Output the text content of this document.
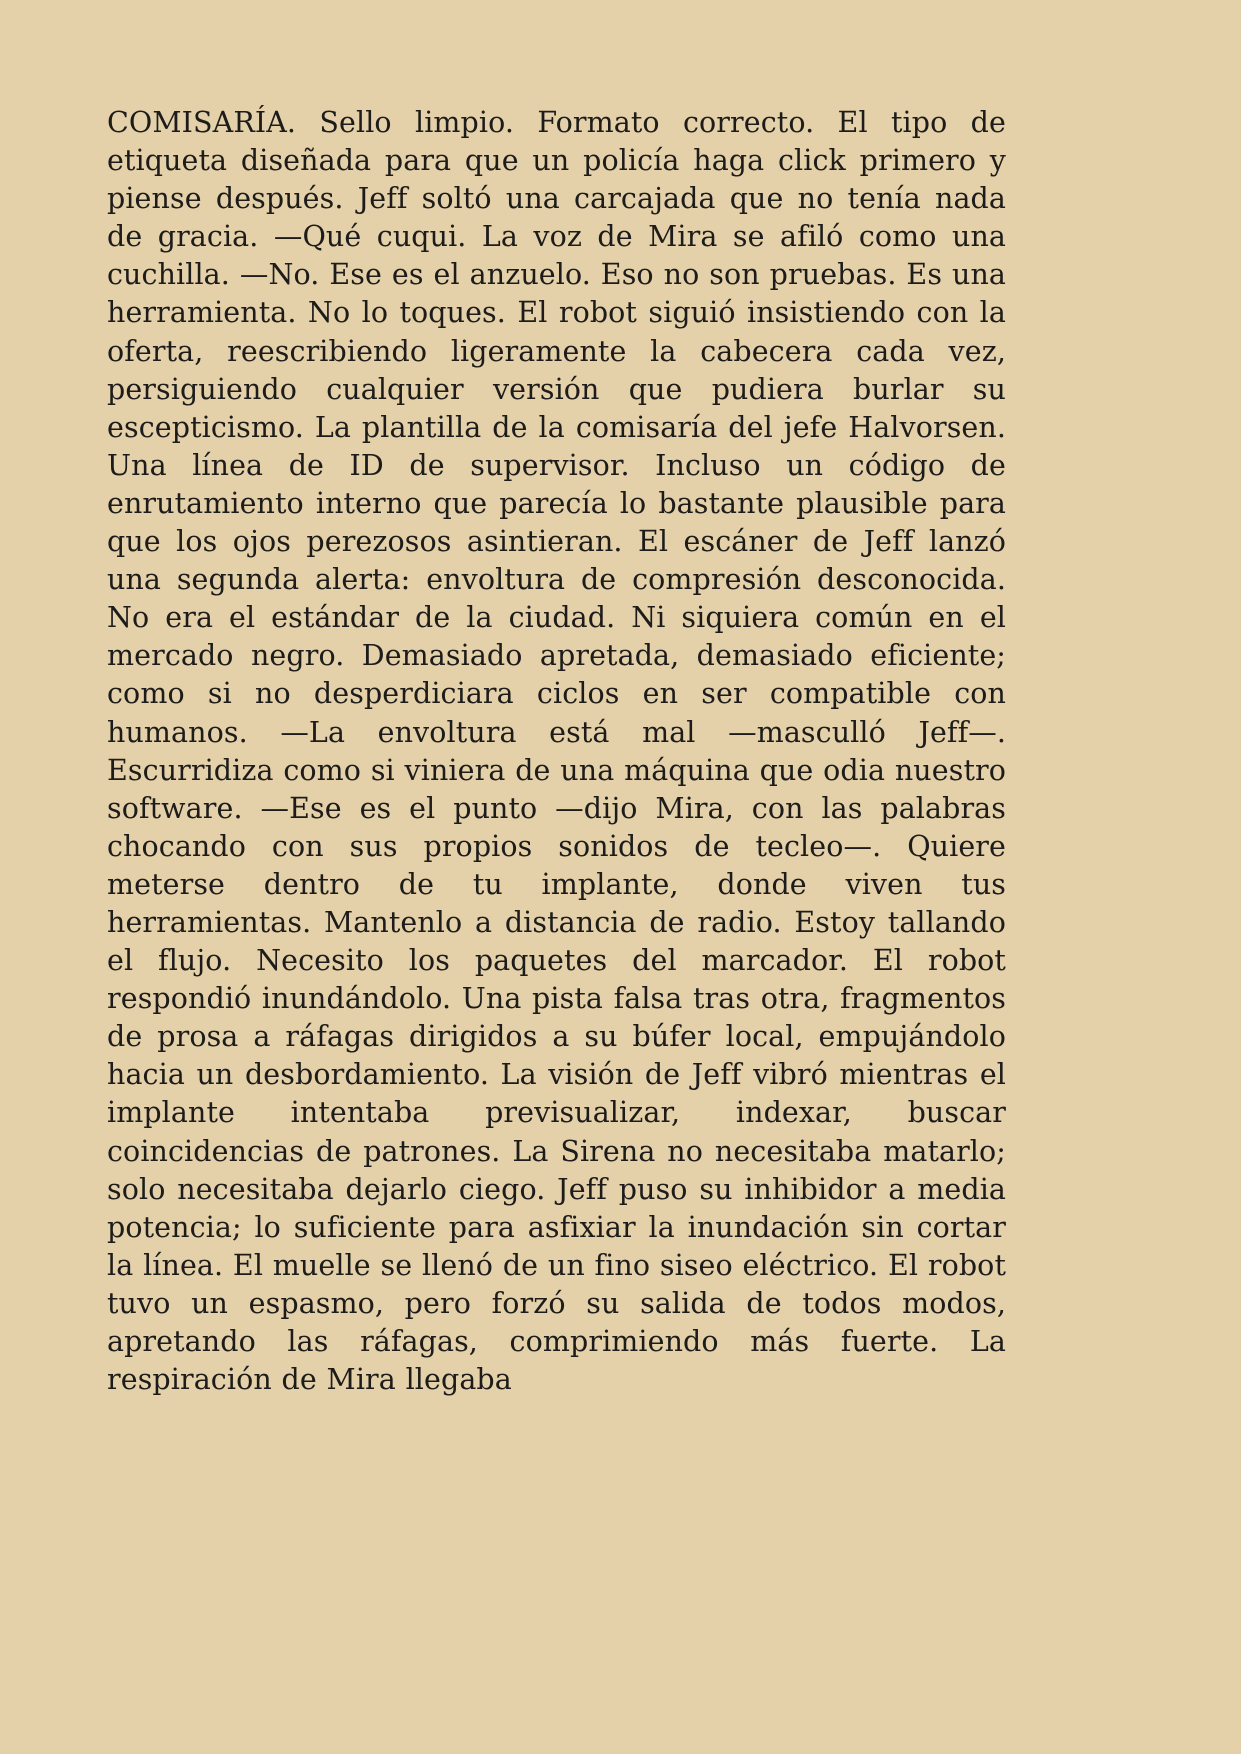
COMISARÍA. Sello limpio. Formato correcto. El tipo de etiqueta diseñada para que un policía haga click primero y piense después. Jeff soltó una carcajada que no tenía nada de gracia. —Qué cuqui. La voz de Mira se afiló como una cuchilla. —No. Ese es el anzuelo. Eso no son pruebas. Es una herramienta. No lo toques. El robot siguió insistiendo con la oferta, reescribiendo ligeramente la cabecera cada vez, persiguiendo cualquier versión que pudiera burlar su escepticismo. La plantilla de la comisaría del jefe Halvorsen. Una línea de ID de supervisor. Incluso un código de enrutamiento interno que parecía lo bastante plausible para que los ojos perezosos asintieran. El escáner de Jeff lanzó una segunda alerta: envoltura de compresión desconocida. No era el estándar de la ciudad. Ni siquiera común en el mercado negro. Demasiado apretada, demasiado eficiente; como si no desperdiciara ciclos en ser compatible con humanos. —La envoltura está mal —masculló Jeff—. Escurridiza como si viniera de una máquina que odia nuestro software. —Ese es el punto —dijo Mira, con las palabras chocando con sus propios sonidos de tecleo—. Quiere meterse dentro de tu implante, donde viven tus herramientas. Mantenlo a distancia de radio. Estoy tallando el flujo. Necesito los paquetes del marcador. El robot respondió inundándolo. Una pista falsa tras otra, fragmentos de prosa a ráfagas dirigidos a su búfer local, empujándolo hacia un desbordamiento. La visión de Jeff vibró mientras el implante intentaba previsualizar, indexar, buscar coincidencias de patrones. La Sirena no necesitaba matarlo; solo necesitaba dejarlo ciego. Jeff puso su inhibidor a media potencia; lo suficiente para asfixiar la inundación sin cortar la línea. El muelle se llenó de un fino siseo eléctrico. El robot tuvo un espasmo, pero forzó su salida de todos modos, apretando las ráfagas, comprimiendo más fuerte. La respiración de Mira llegaba
